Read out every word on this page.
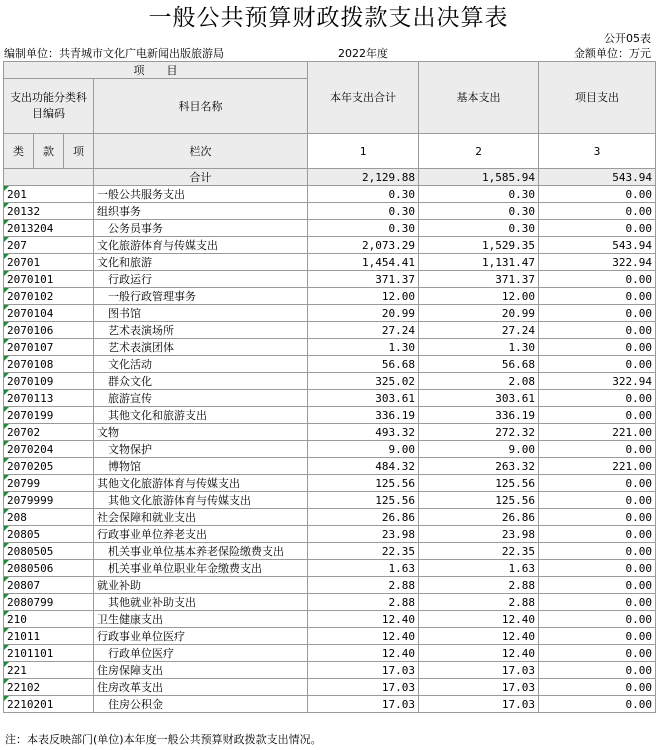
一般公共预算财政拨款支出决算表
公开05表
编制单位：共青城市文化广电新闻出版旅游局	2022年度	金额单位：万元
项　　目				本年支出合计	基本支出	项目支出
支出功能分类科目编码			科目名称			
类	款	项				
			栏次	1	2	3
			合计	2,129.88	1,585.94	543.94
201			一般公共服务支出	0.30	0.30	0.00
20132			组织事务	0.30	0.30	0.00
2013204			公务员事务	0.30	0.30	0.00
207			文化旅游体育与传媒支出	2,073.29	1,529.35	543.94
20701			文化和旅游	1,454.41	1,131.47	322.94
2070101			行政运行	371.37	371.37	0.00
2070102			一般行政管理事务	12.00	12.00	0.00
2070104			图书馆	20.99	20.99	0.00
2070106			艺术表演场所	27.24	27.24	0.00
2070107			艺术表演团体	1.30	1.30	0.00
2070108			文化活动	56.68	56.68	0.00
2070109			群众文化	325.02	2.08	322.94
2070113			旅游宣传	303.61	303.61	0.00
2070199			其他文化和旅游支出	336.19	336.19	0.00
20702			文物	493.32	272.32	221.00
2070204			文物保护	9.00	9.00	0.00
2070205			博物馆	484.32	263.32	221.00
20799			其他文化旅游体育与传媒支出	125.56	125.56	0.00
2079999			其他文化旅游体育与传媒支出	125.56	125.56	0.00
208			社会保障和就业支出	26.86	26.86	0.00
20805			行政事业单位养老支出	23.98	23.98	0.00
2080505			机关事业单位基本养老保险缴费支出	22.35	22.35	0.00
2080506			机关事业单位职业年金缴费支出	1.63	1.63	0.00
20807			就业补助	2.88	2.88	0.00
2080799			其他就业补助支出	2.88	2.88	0.00
210			卫生健康支出	12.40	12.40	0.00
21011			行政事业单位医疗	12.40	12.40	0.00
2101101			行政单位医疗	12.40	12.40	0.00
221			住房保障支出	17.03	17.03	0.00
22102			住房改革支出	17.03	17.03	0.00
2210201			住房公积金	17.03	17.03	0.00
注：本表反映部门(单位)本年度一般公共预算财政拨款支出情况。
